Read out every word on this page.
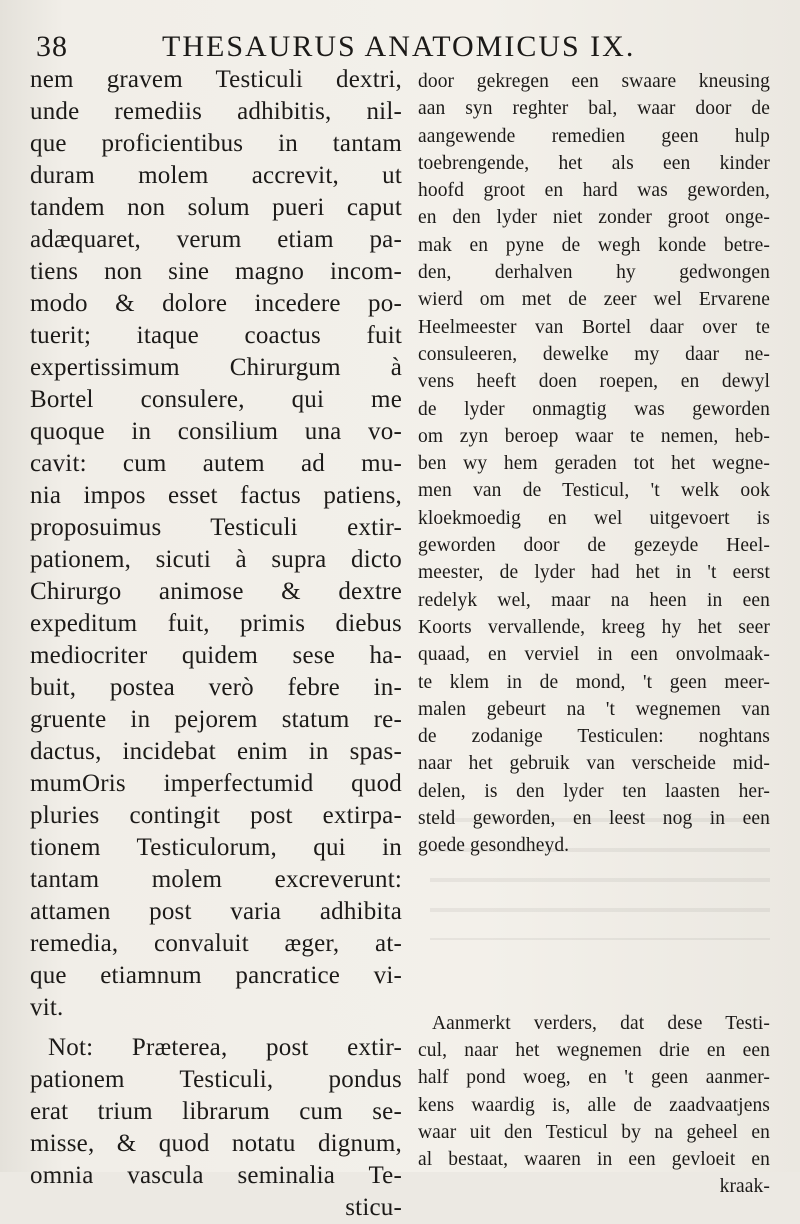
38	THESAURUS ANATOMICUS IX.
nem gravem Testiculi dextri,
unde remediis adhibitis, nil-
que proficientibus in tantam
duram molem accrevit, ut
tandem non solum pueri caput
adæquaret, verum etiam pa-
tiens non sine magno incom-
modo & dolore incedere po-
tuerit; itaque coactus fuit
expertissimum Chirurgum à
Bortel consulere, qui me
quoque in consilium una vo-
cavit: cum autem ad mu-
nia impos esset factus patiens,
proposuimus Testiculi extir-
pationem, sicuti à supra dicto
Chirurgo animose & dextre
expeditum fuit, primis diebus
mediocriter quidem sese ha-
buit, postea verò febre in-
gruente in pejorem statum re-
dactus, incidebat enim in spas-
mumOris imperfectumid quod
pluries contingit post extirpa-
tionem Testiculorum, qui in
tantam molem excreverunt:
attamen post varia adhibita
remedia, convaluit æger, at-
que etiamnum pancratice vi-
vit.
Not: Præterea, post extir-
pationem Testiculi, pondus
erat trium librarum cum se-
misse, & quod notatu dignum,
omnia vascula seminalia Te-
sticu-
door gekregen een swaare kneusing
aan syn reghter bal, waar door de
aangewende remedien geen hulp
toebrengende, het als een kinder
hoofd groot en hard was geworden,
en den lyder niet zonder groot onge-
mak en pyne de wegh konde betre-
den, derhalven hy gedwongen
wierd om met de zeer wel Ervarene
Heelmeester van Bortel daar over te
consuleeren, dewelke my daar ne-
vens heeft doen roepen, en dewyl
de lyder onmagtig was geworden
om zyn beroep waar te nemen, heb-
ben wy hem geraden tot het wegne-
men van de Testicul, 't welk ook
kloekmoedig en wel uitgevoert is
geworden door de gezeyde Heel-
meester, de lyder had het in 't eerst
redelyk wel, maar na heen in een
Koorts vervallende, kreeg hy het seer
quaad, en verviel in een onvolmaak-
te klem in de mond, 't geen meer-
malen gebeurt na 't wegnemen van
de zodanige Testiculen: noghtans
naar het gebruik van verscheide mid-
delen, is den lyder ten laasten her-
steld geworden, en leest nog in een
goede gesondheyd.
Aanmerkt verders, dat dese Testi-
cul, naar het wegnemen drie en een
half pond woeg, en 't geen aanmer-
kens waardig is, alle de zaadvaatjens
waar uit den Testicul by na geheel en
al bestaat, waaren in een gevloeit en
kraak-
